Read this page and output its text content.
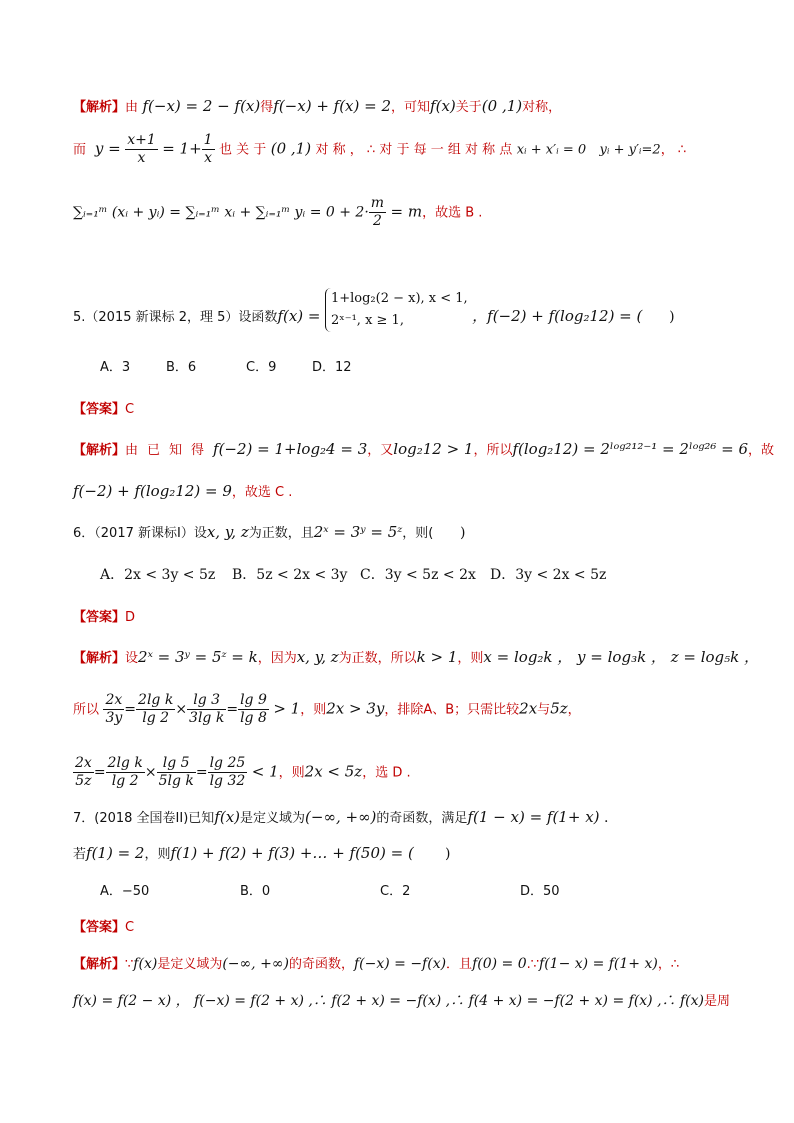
【解析】由 f(−x) = 2 − f(x)得f(−x) + f(x) = 2，可知f(x)关于(0 ,1)对称，
而 $y = \frac{x+1}{x} = 1+ \frac{1}{x}$ 也 关 于 (0 ,1) 对 称 ， ∴ 对 于 每 一 组 对 称 点 xᵢ + x′ᵢ = 0 yᵢ + y′ᵢ=2， ∴
∑ᵢ₌₁ᵐ (xᵢ + yᵢ) = ∑ᵢ₌₁ᵐ xᵢ + ∑ᵢ₌₁ᵐ yᵢ = $0 + 2\cdot \frac{m}{2} = m$，故选 B .
5.（2015 新课标 2，理 5）设函数f(x) =
1+log₂(2 − x), x < 1,
2ˣ⁻¹, x ≥ 1,	，f(−2) + f(log₂12) = ( )
A．3	B．6	C．9	D．12
【答案】C
【解析】由已知得f(−2) = 1+log₂4 = 3，又log₂12 > 1，所以f(log₂12) = 2ˡᵒᵍ²¹²⁻¹ = 2ˡᵒᵍ²⁶ = 6，故
f(−2) + f(log₂12) = 9，故选 C .
6．（2017 新课标Ⅰ）设x, y, z为正数，且2ˣ = 3ʸ = 5ᶻ，则( )
A．2x < 3y < 5z B．5z < 2x < 3y C．3y < 5z < 2x D．3y < 2x < 5z
【答案】D
【解析】设2ˣ = 3ʸ = 5ᶻ = k，因为x, y, z为正数，所以k > 1，则x = log₂k ， y = log₃k ， z = log₅k ，
所以 $\frac{2x}{3y} = \frac{\text{2lg k}}{\lg 2} \times \frac{\lg 3}{\text{3lg k}} = \frac{\lg 9}{\lg 8} > 1$，则2x > 3y，排除A、B；只需比较2x与5z，
$\frac{2x}{5z} = \frac{\text{2lg k}}{\lg 2} \times \frac{\lg 5}{\text{5lg k}} = \frac{\lg 25}{\lg 32} < 1$，则2x < 5z，选 D .
7．(2018 全国卷II)已知f(x)是定义域为(−∞, +∞)的奇函数，满足f(1 − x) = f(1+ x) .
若f(1) = 2，则f(1) + f(2) + f(3) +… + f(50) = ( )
A．−50	B．0	C．2	D．50
【答案】C
【解析】∵f(x)是定义域为(−∞, +∞)的奇函数，f(−x) = −f(x)．且f(0) = 0.∵f(1− x) = f(1+ x)，∴
f(x) = f(2 − x) ， f(−x) = f(2 + x) ,∴ f(2 + x) = −f(x) ,∴ f(4 + x) = −f(2 + x) = f(x) ,∴ f(x)是周
